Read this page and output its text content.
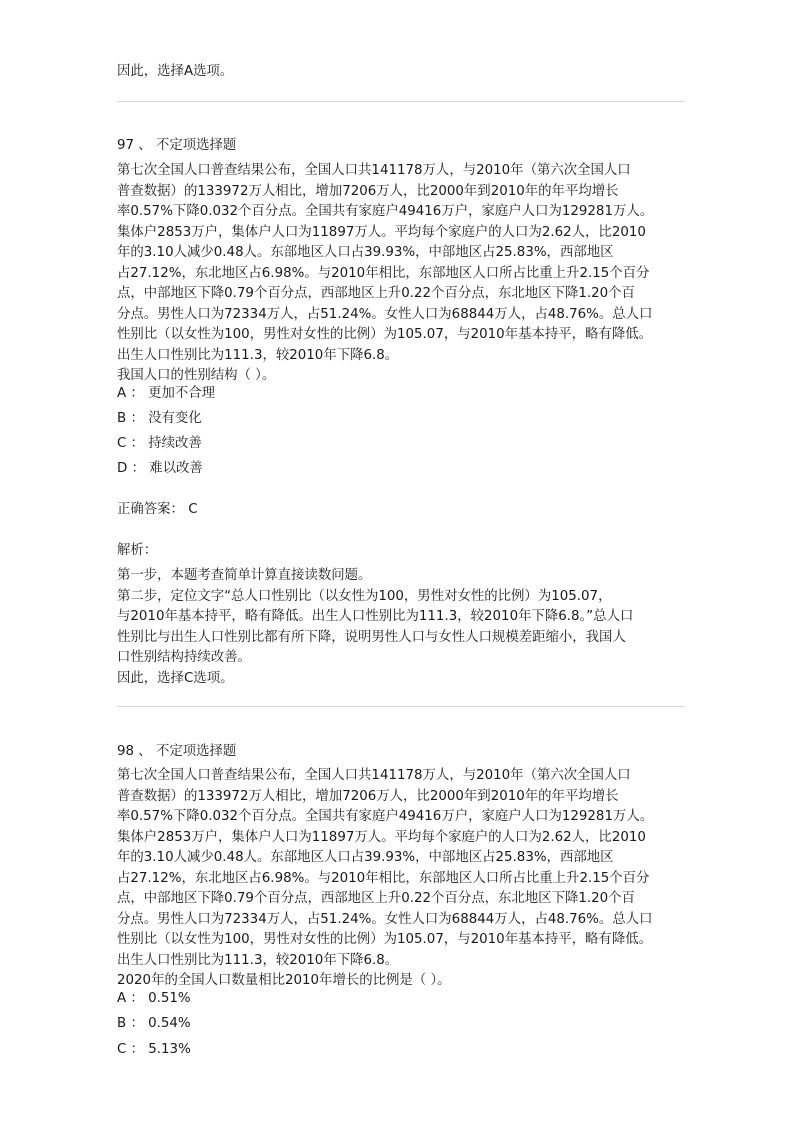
因此，选择A选项。
97 、 不定项选择题
第七次全国人口普查结果公布，全国人口共141178万人，与2010年（第六次全国人口
普查数据）的133972万人相比，增加7206万人，比2000年到2010年的年平均增长
率0.57%下降0.032个百分点。全国共有家庭户49416万户，家庭户人口为129281万人。
集体户2853万户，集体户人口为11897万人。平均每个家庭户的人口为2.62人，比2010
年的3.10人减少0.48人。东部地区人口占39.93%，中部地区占25.83%，西部地区
占27.12%，东北地区占6.98%。与2010年相比，东部地区人口所占比重上升2.15个百分
点，中部地区下降0.79个百分点，西部地区上升0.22个百分点，东北地区下降1.20个百
分点。男性人口为72334万人，占51.24%。女性人口为68844万人，占48.76%。总人口
性别比（以女性为100，男性对女性的比例）为105.07，与2010年基本持平，略有降低。
出生人口性别比为111.3，较2010年下降6.8。
我国人口的性别结构（ ）。
A ： 更加不合理
B ： 没有变化
C ： 持续改善
D ： 难以改善
正确答案： C
解析：
第一步，本题考查简单计算直接读数问题。
第二步，定位文字“总人口性别比（以女性为100，男性对女性的比例）为105.07，
与2010年基本持平，略有降低。出生人口性别比为111.3，较2010年下降6.8。”总人口
性别比与出生人口性别比都有所下降，说明男性人口与女性人口规模差距缩小，我国人
口性别结构持续改善。
因此，选择C选项。
98 、 不定项选择题
第七次全国人口普查结果公布，全国人口共141178万人，与2010年（第六次全国人口
普查数据）的133972万人相比，增加7206万人，比2000年到2010年的年平均增长
率0.57%下降0.032个百分点。全国共有家庭户49416万户，家庭户人口为129281万人。
集体户2853万户，集体户人口为11897万人。平均每个家庭户的人口为2.62人，比2010
年的3.10人减少0.48人。东部地区人口占39.93%，中部地区占25.83%，西部地区
占27.12%，东北地区占6.98%。与2010年相比，东部地区人口所占比重上升2.15个百分
点，中部地区下降0.79个百分点，西部地区上升0.22个百分点，东北地区下降1.20个百
分点。男性人口为72334万人，占51.24%。女性人口为68844万人，占48.76%。总人口
性别比（以女性为100，男性对女性的比例）为105.07，与2010年基本持平，略有降低。
出生人口性别比为111.3，较2010年下降6.8。
2020年的全国人口数量相比2010年增长的比例是（ ）。
A ： 0.51%
B ： 0.54%
C ： 5.13%
